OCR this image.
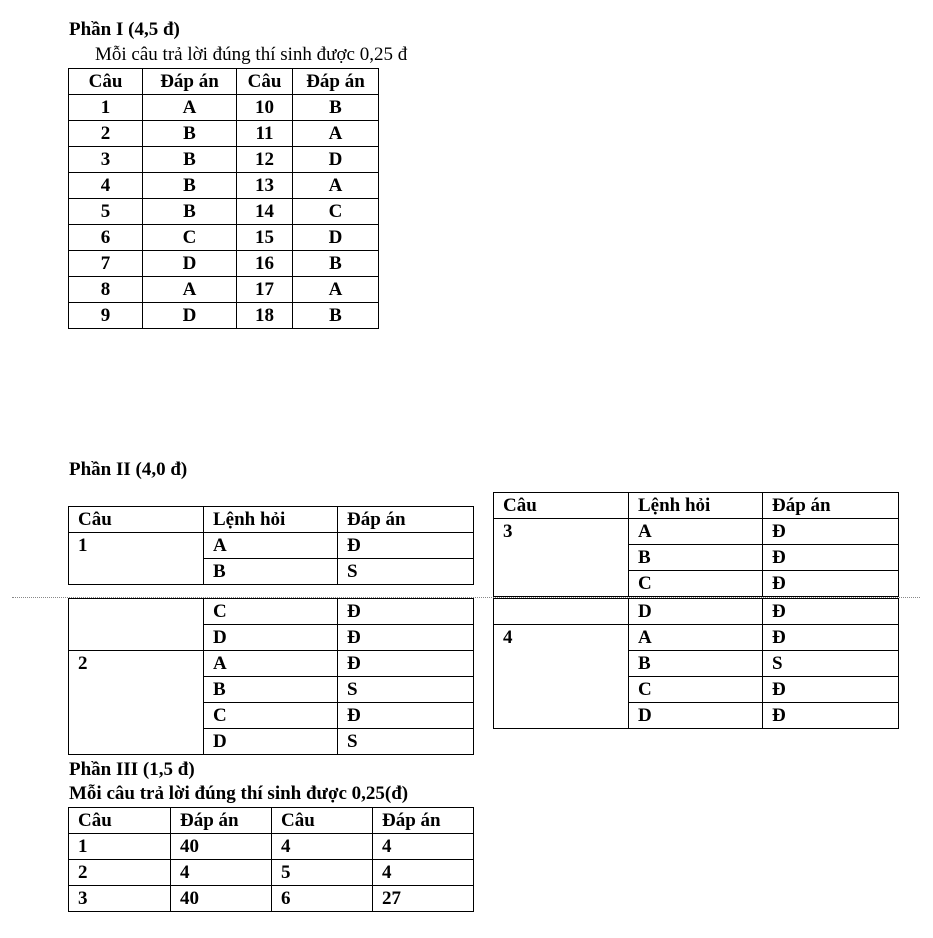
Phần I (4,5 đ)
Mỗi câu trả lời đúng thí sinh được 0,25 đ
Câu	Đáp án	Câu	Đáp án
1	A	10	B
2	B	11	A
3	B	12	D
4	B	13	A
5	B	14	C
6	C	15	D
7	D	16	B
8	A	17	A
9	D	18	B
Phần II (4,0 đ)
Câu	Lệnh hỏi	Đáp án
1	A	Đ
	B	S
	C	Đ
	D	Đ
2	A	Đ
	B	S
	C	Đ
	D	S
Câu	Lệnh hỏi	Đáp án
3	A	Đ
	B	Đ
	C	Đ
	D	Đ
4	A	Đ
	B	S
	C	Đ
	D	Đ
Phần III (1,5 đ)
Mỗi câu trả lời đúng thí sinh được 0,25(đ)
Câu	Đáp án	Câu	Đáp án
1	40	4	4
2	4	5	4
3	40	6	27
